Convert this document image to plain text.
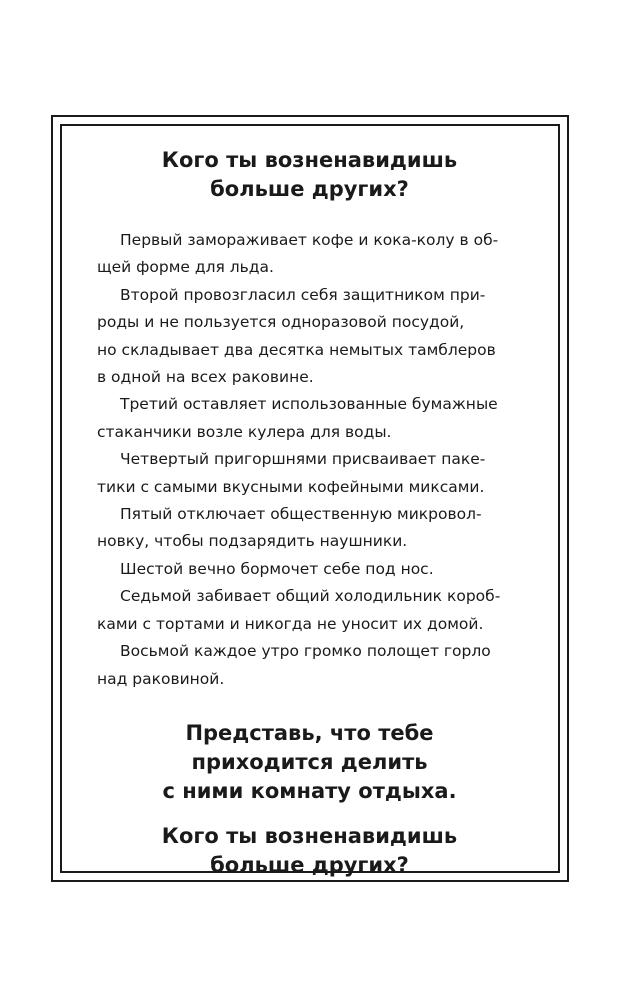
Кого ты возненавидишь
больше других?

Первый замораживает кофе и кока-колу в об-
щей форме для льда.

Второй провозгласил себя защитником при-
роды и не пользуется одноразовой посудой,
но складывает два десятка немытых тамблеров
в одной на всех раковине.

Третий оставляет использованные бумажные
стаканчики возле кулера для воды.

Четвертый пригоршнями присваивает паке-
тики с самыми вкусными кофейными миксами.

Пятый отключает общественную микровол-
новку, чтобы подзарядить наушники.

Шестой вечно бормочет себе под нос.

Седьмой забивает общий холодильник короб-
ками с тортами и никогда не уносит их домой.

Восьмой каждое утро громко полощет горло
над раковиной.

Представь, что тебе
приходится делить
с ними комнату отдыха.
Кого ты возненавидишь
больше других?
